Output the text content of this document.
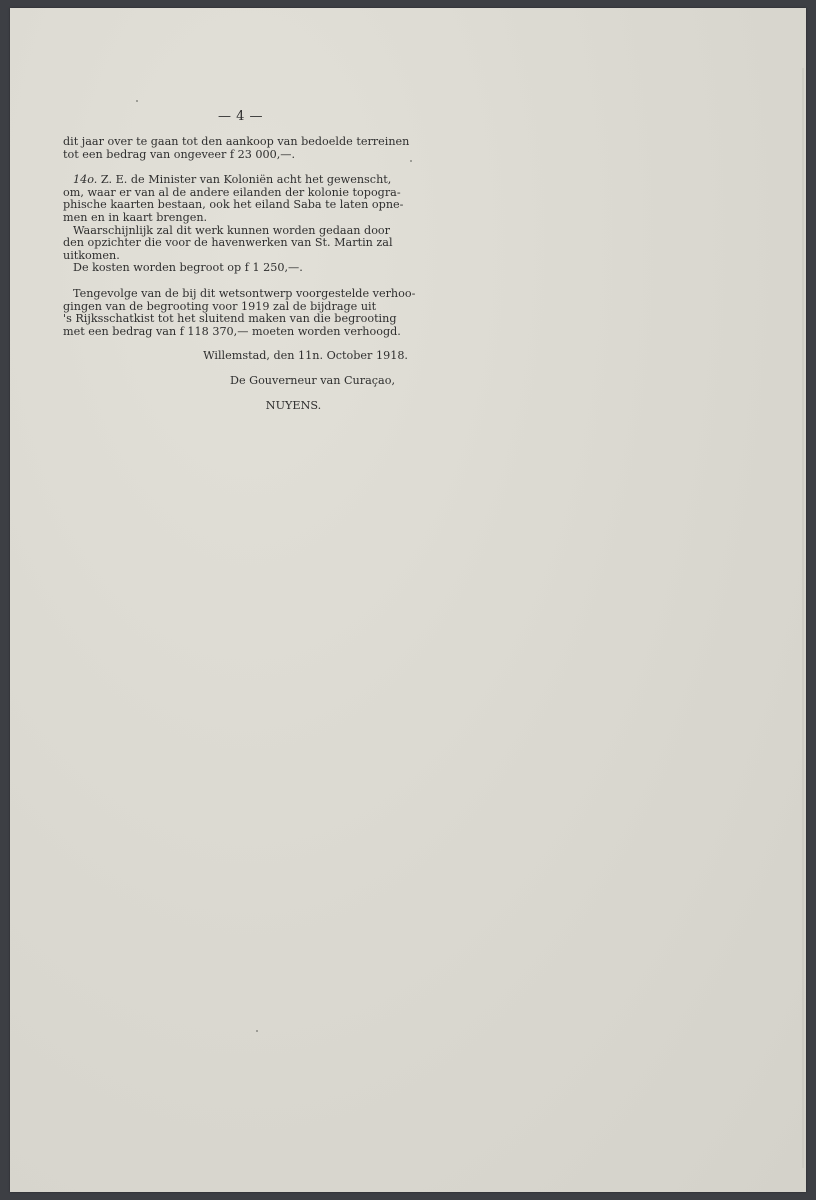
— 4 —

dit jaar over te gaan tot den aankoop van bedoelde terreinen
tot een bedrag van ongeveer f 23 000,—.

14o. Z. E. de Minister van Koloniën acht het gewenscht,
om, waar er van al de andere eilanden der kolonie topogra-
phische kaarten bestaan, ook het eiland Saba te laten opne-
men en in kaart brengen.

Waarschijnlijk zal dit werk kunnen worden gedaan door
den opzichter die voor de havenwerken van St. Martin zal
uitkomen.

De kosten worden begroot op f 1 250,—.

Tengevolge van de bij dit wetsontwerp voorgestelde verhoo-
gingen van de begrooting voor 1919 zal de bijdrage uit
's Rijksschatkist tot het sluitend maken van die begrooting
met een bedrag van f 118 370,— moeten worden verhoogd.

Willemstad, den 11n. October 1918.

De Gouverneur van Curaçao,

NUYENS.
